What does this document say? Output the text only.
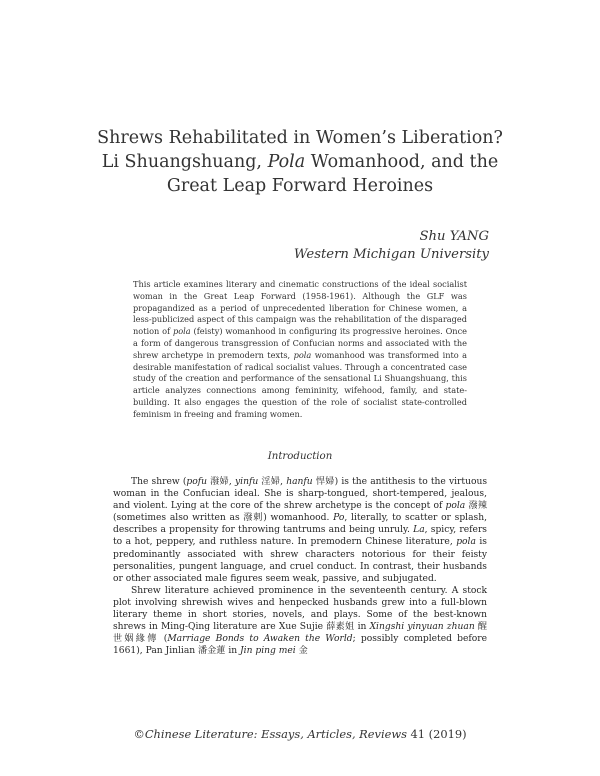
Shrews Rehabilitated in Women’s Liberation?
Li Shuangshuang, Pola Womanhood, and the
Great Leap Forward Heroines
Shu YANG
Western Michigan University
This article examines literary and cinematic constructions of the ideal socialist woman in the Great Leap Forward (1958-1961). Although the GLF was propagandized as a period of unprecedented liberation for Chinese women, a less-publicized aspect of this campaign was the rehabilitation of the disparaged notion of pola (feisty) womanhood in configuring its progressive heroines. Once a form of dangerous transgression of Confucian norms and associated with the shrew archetype in premodern texts, pola womanhood was transformed into a desirable manifestation of radical socialist values. Through a concentrated case study of the creation and performance of the sensational Li Shuangshuang, this article analyzes connections among femininity, wifehood, family, and state-building. It also engages the question of the role of socialist state-controlled feminism in freeing and framing women.
Introduction

The shrew (pofu 潑婦, yinfu 淫婦, hanfu 悍婦) is the antithesis to the virtuous woman in the Confucian ideal. She is sharp-tongued, short-tempered, jealous, and violent. Lying at the core of the shrew archetype is the concept of pola 潑辣 (sometimes also written as 潑剌) womanhood. Po, literally, to scatter or splash, describes a propensity for throwing tantrums and being unruly. La, spicy, refers to a hot, peppery, and ruthless nature. In premodern Chinese literature, pola is predominantly associated with shrew characters notorious for their feisty personalities, pungent language, and cruel conduct. In contrast, their husbands or other associated male figures seem weak, passive, and subjugated.

Shrew literature achieved prominence in the seventeenth century. A stock plot involving shrewish wives and henpecked husbands grew into a full-blown literary theme in short stories, novels, and plays. Some of the best-known shrews in Ming-Qing literature are Xue Sujie 薛素姐 in Xingshi yinyuan zhuan 醒世姻緣傳 (Marriage Bonds to Awaken the World; possibly completed before 1661), Pan Jinlian 潘金蓮 in Jin ping mei 金

©Chinese Literature: Essays, Articles, Reviews 41 (2019)
